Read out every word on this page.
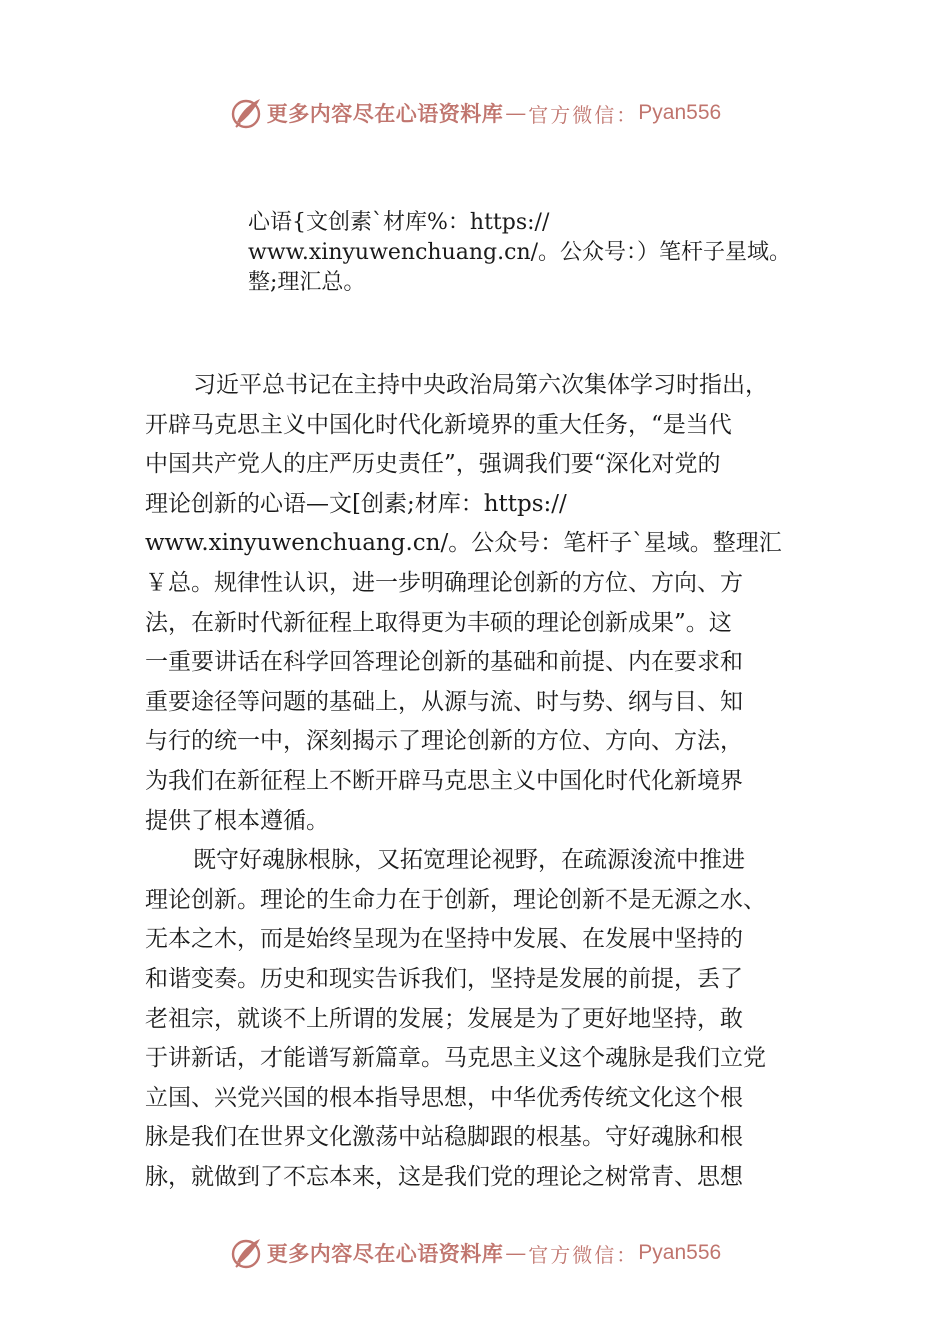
更多内容尽在心语资料库 — 官方微信： Pyan556

心语{文创素`材库%：https://

www.xinyuwenchuang.cn/。公众号：）笔杆子星域。

整;理汇总。

习近平总书记在主持中央政治局第六次集体学习时指出，

开辟马克思主义中国化时代化新境界的重大任务，“是当代

中国共产党人的庄严历史责任”，强调我们要“深化对党的

理论创新的心语—文[创素;材库：https://

www.xinyuwenchuang.cn/。公众号：笔杆子`星域。整理汇

￥总。规律性认识，进一步明确理论创新的方位、方向、方

法，在新时代新征程上取得更为丰硕的理论创新成果”。这

一重要讲话在科学回答理论创新的基础和前提、内在要求和

重要途径等问题的基础上，从源与流、时与势、纲与目、知

与行的统一中，深刻揭示了理论创新的方位、方向、方法，

为我们在新征程上不断开辟马克思主义中国化时代化新境界

提供了根本遵循。

既守好魂脉根脉，又拓宽理论视野，在疏源浚流中推进

理论创新。理论的生命力在于创新，理论创新不是无源之水、

无本之木，而是始终呈现为在坚持中发展、在发展中坚持的

和谐变奏。历史和现实告诉我们，坚持是发展的前提，丢了

老祖宗，就谈不上所谓的发展；发展是为了更好地坚持，敢

于讲新话，才能谱写新篇章。马克思主义这个魂脉是我们立党

立国、兴党兴国的根本指导思想，中华优秀传统文化这个根

脉是我们在世界文化激荡中站稳脚跟的根基。守好魂脉和根

脉，就做到了不忘本来，这是我们党的理论之树常青、思想

更多内容尽在心语资料库 — 官方微信： Pyan556
